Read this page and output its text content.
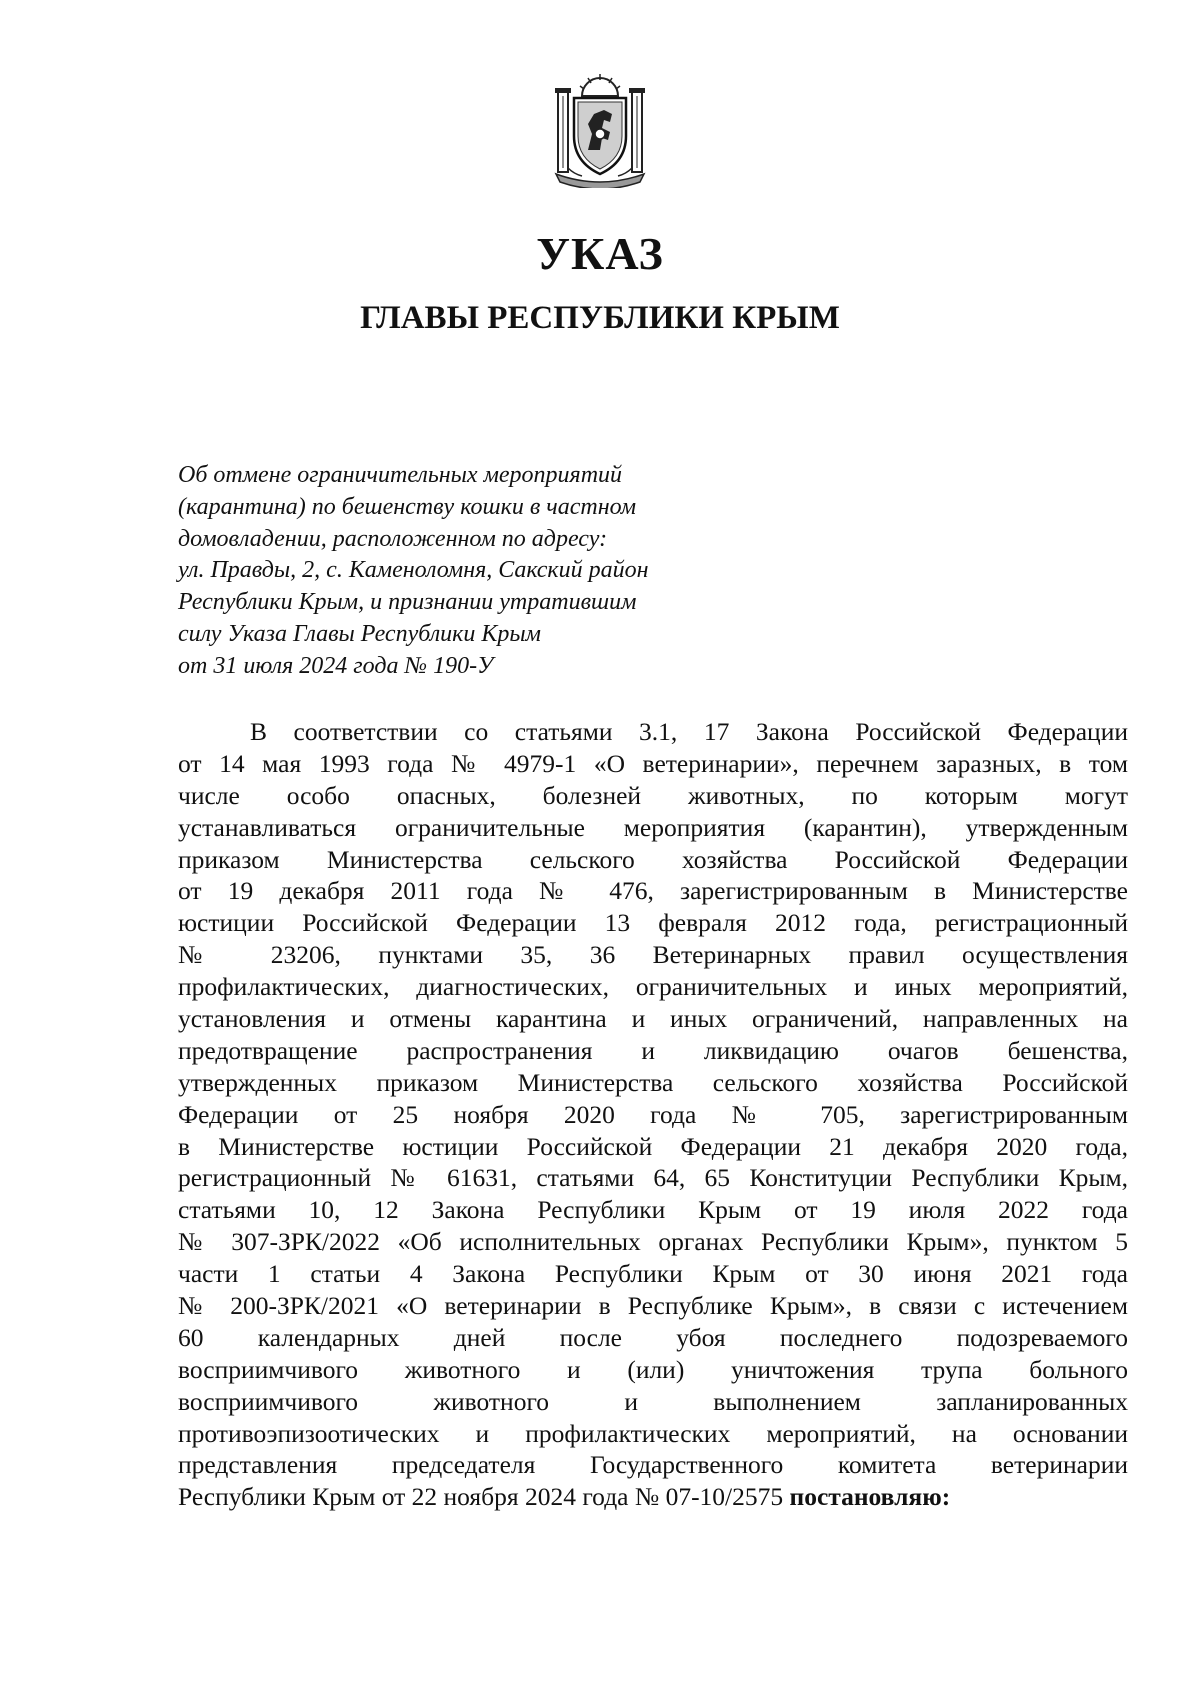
УКАЗ
ГЛАВЫ РЕСПУБЛИКИ КРЫМ
Об отмене ограничительных мероприятий
(карантина) по бешенству кошки в частном
домовладении, расположенном по адресу:
ул. Правды, 2, с. Каменоломня, Сакский район
Республики Крым, и признании утратившим
силу Указа Главы Республики Крым
от 31 июля 2024 года № 190-У
В соответствии со статьями 3.1, 17 Закона Российской Федерации
от 14 мая 1993 года № 4979-1 «О ветеринарии», перечнем заразных, в том
числе особо опасных, болезней животных, по которым могут
устанавливаться ограничительные мероприятия (карантин), утвержденным
приказом Министерства сельского хозяйства Российской Федерации
от 19 декабря 2011 года № 476, зарегистрированным в Министерстве
юстиции Российской Федерации 13 февраля 2012 года, регистрационный
№ 23206, пунктами 35, 36 Ветеринарных правил осуществления
профилактических, диагностических, ограничительных и иных мероприятий,
установления и отмены карантина и иных ограничений, направленных на
предотвращение распространения и ликвидацию очагов бешенства,
утвержденных приказом Министерства сельского хозяйства Российской
Федерации от 25 ноября 2020 года № 705, зарегистрированным
в Министерстве юстиции Российской Федерации 21 декабря 2020 года,
регистрационный № 61631, статьями 64, 65 Конституции Республики Крым,
статьями 10, 12 Закона Республики Крым от 19 июля 2022 года
№ 307-ЗРК/2022 «Об исполнительных органах Республики Крым», пунктом 5
части 1 статьи 4 Закона Республики Крым от 30 июня 2021 года
№ 200-ЗРК/2021 «О ветеринарии в Республике Крым», в связи с истечением
60 календарных дней после убоя последнего подозреваемого
восприимчивого животного и (или) уничтожения трупа больного
восприимчивого животного и выполнением запланированных
противоэпизоотических и профилактических мероприятий, на основании
представления председателя Государственного комитета ветеринарии
Республики Крым от 22 ноября 2024 года № 07-10/2575 постановляю:
